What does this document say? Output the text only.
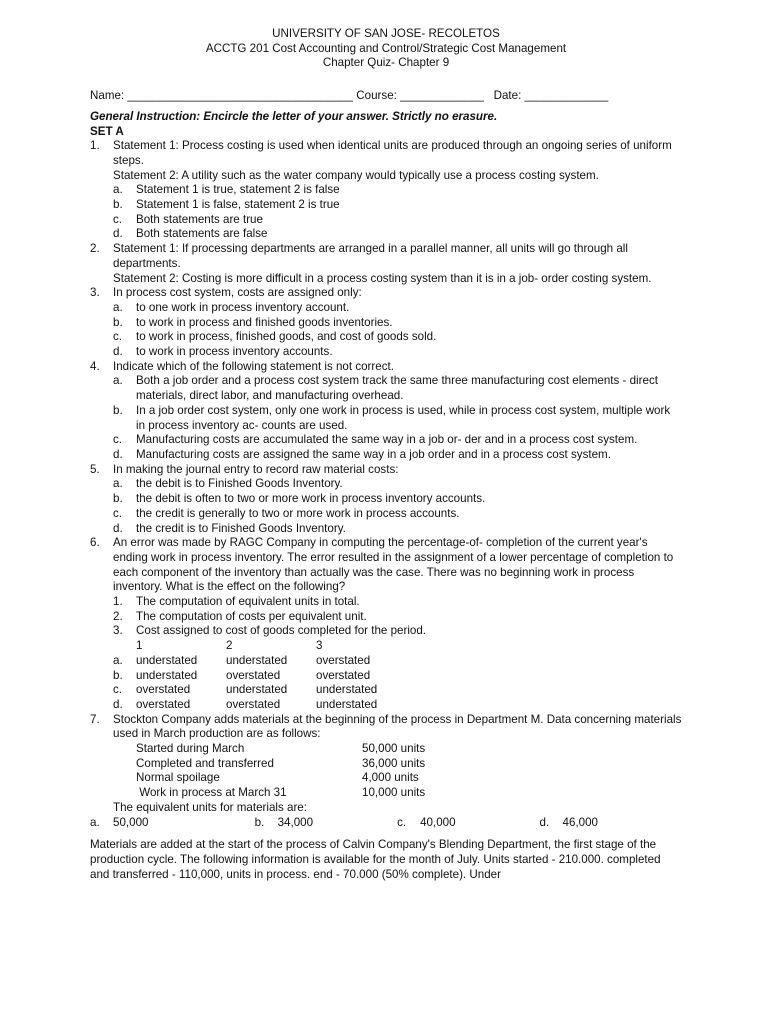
UNIVERSITY OF SAN JOSE- RECOLETOS
ACCTG 201 Cost Accounting and Control/Strategic Cost Management
Chapter Quiz- Chapter 9
Name: ___________________________________ Course: _____________   Date: _____________
General Instruction: Encircle the letter of your answer. Strictly no erasure.
SET A
1.	Statement 1: Process costing is used when identical units are produced through an ongoing series of uniform steps.
Statement 2: A utility such as the water company would typically use a process costing system.
a.	Statement 1 is true, statement 2 is false
b.	Statement 1 is false, statement 2 is true
c.	Both statements are true
d.	Both statements are false
2.	Statement 1: If processing departments are arranged in a parallel manner, all units will go through all departments.
Statement 2: Costing is more difficult in a process costing system than it is in a job- order costing system.
3.	In process cost system, costs are assigned only:
a.	to one work in process inventory account.
b.	to work in process and finished goods inventories.
c.	to work in process, finished goods, and cost of goods sold.
d.	to work in process inventory accounts.
4.	Indicate which of the following statement is not correct.
a.	Both a job order and a process cost system track the same three manufacturing cost elements - direct materials, direct labor, and manufacturing overhead.
b.	In a job order cost system, only one work in process is used, while in process cost system, multiple work in process inventory ac- counts are used.
c.	Manufacturing costs are accumulated the same way in a job or- der and in a process cost system.
d.	Manufacturing costs are assigned the same way in a job order and in a process cost system.
5.	In making the journal entry to record raw material costs:
a.	the debit is to Finished Goods Inventory.
b.	the debit is often to two or more work in process inventory accounts.
c.	the credit is generally to two or more work in process accounts.
d.	the credit is to Finished Goods Inventory.
6.	An error was made by RAGC Company in computing the percentage-of- completion of the current year's ending work in process inventory. The error resulted in the assignment of a lower percentage of completion to each component of the inventory than actually was the case. There was no beginning work in process inventory. What is the effect on the following?
1.	The computation of equivalent units in total.
2.	The computation of costs per equivalent unit.
3.	Cost assigned to cost of goods completed for the period.
1	2	3
a.	understated	understated	overstated
b.	understated	overstated	overstated
c.	overstated	understated	understated
d.	overstated	overstated	understated
7.	Stockton Company adds materials at the beginning of the process in Department M. Data concerning materials used in March production are as follows:
Started during March	50,000 units
Completed and transferred	36,000 units
Normal spoilage	4,000 units
Work in process at March 31	10,000 units
The equivalent units for materials are:
a.	50,000	b.	34,000	c.	40,000	d.	46,000
Materials are added at the start of the process of Calvin Company's Blending Department, the first stage of the production cycle. The following information is available for the month of July. Units started - 210.000. completed and transferred - 110,000, units in process. end - 70.000 (50% complete). Under
